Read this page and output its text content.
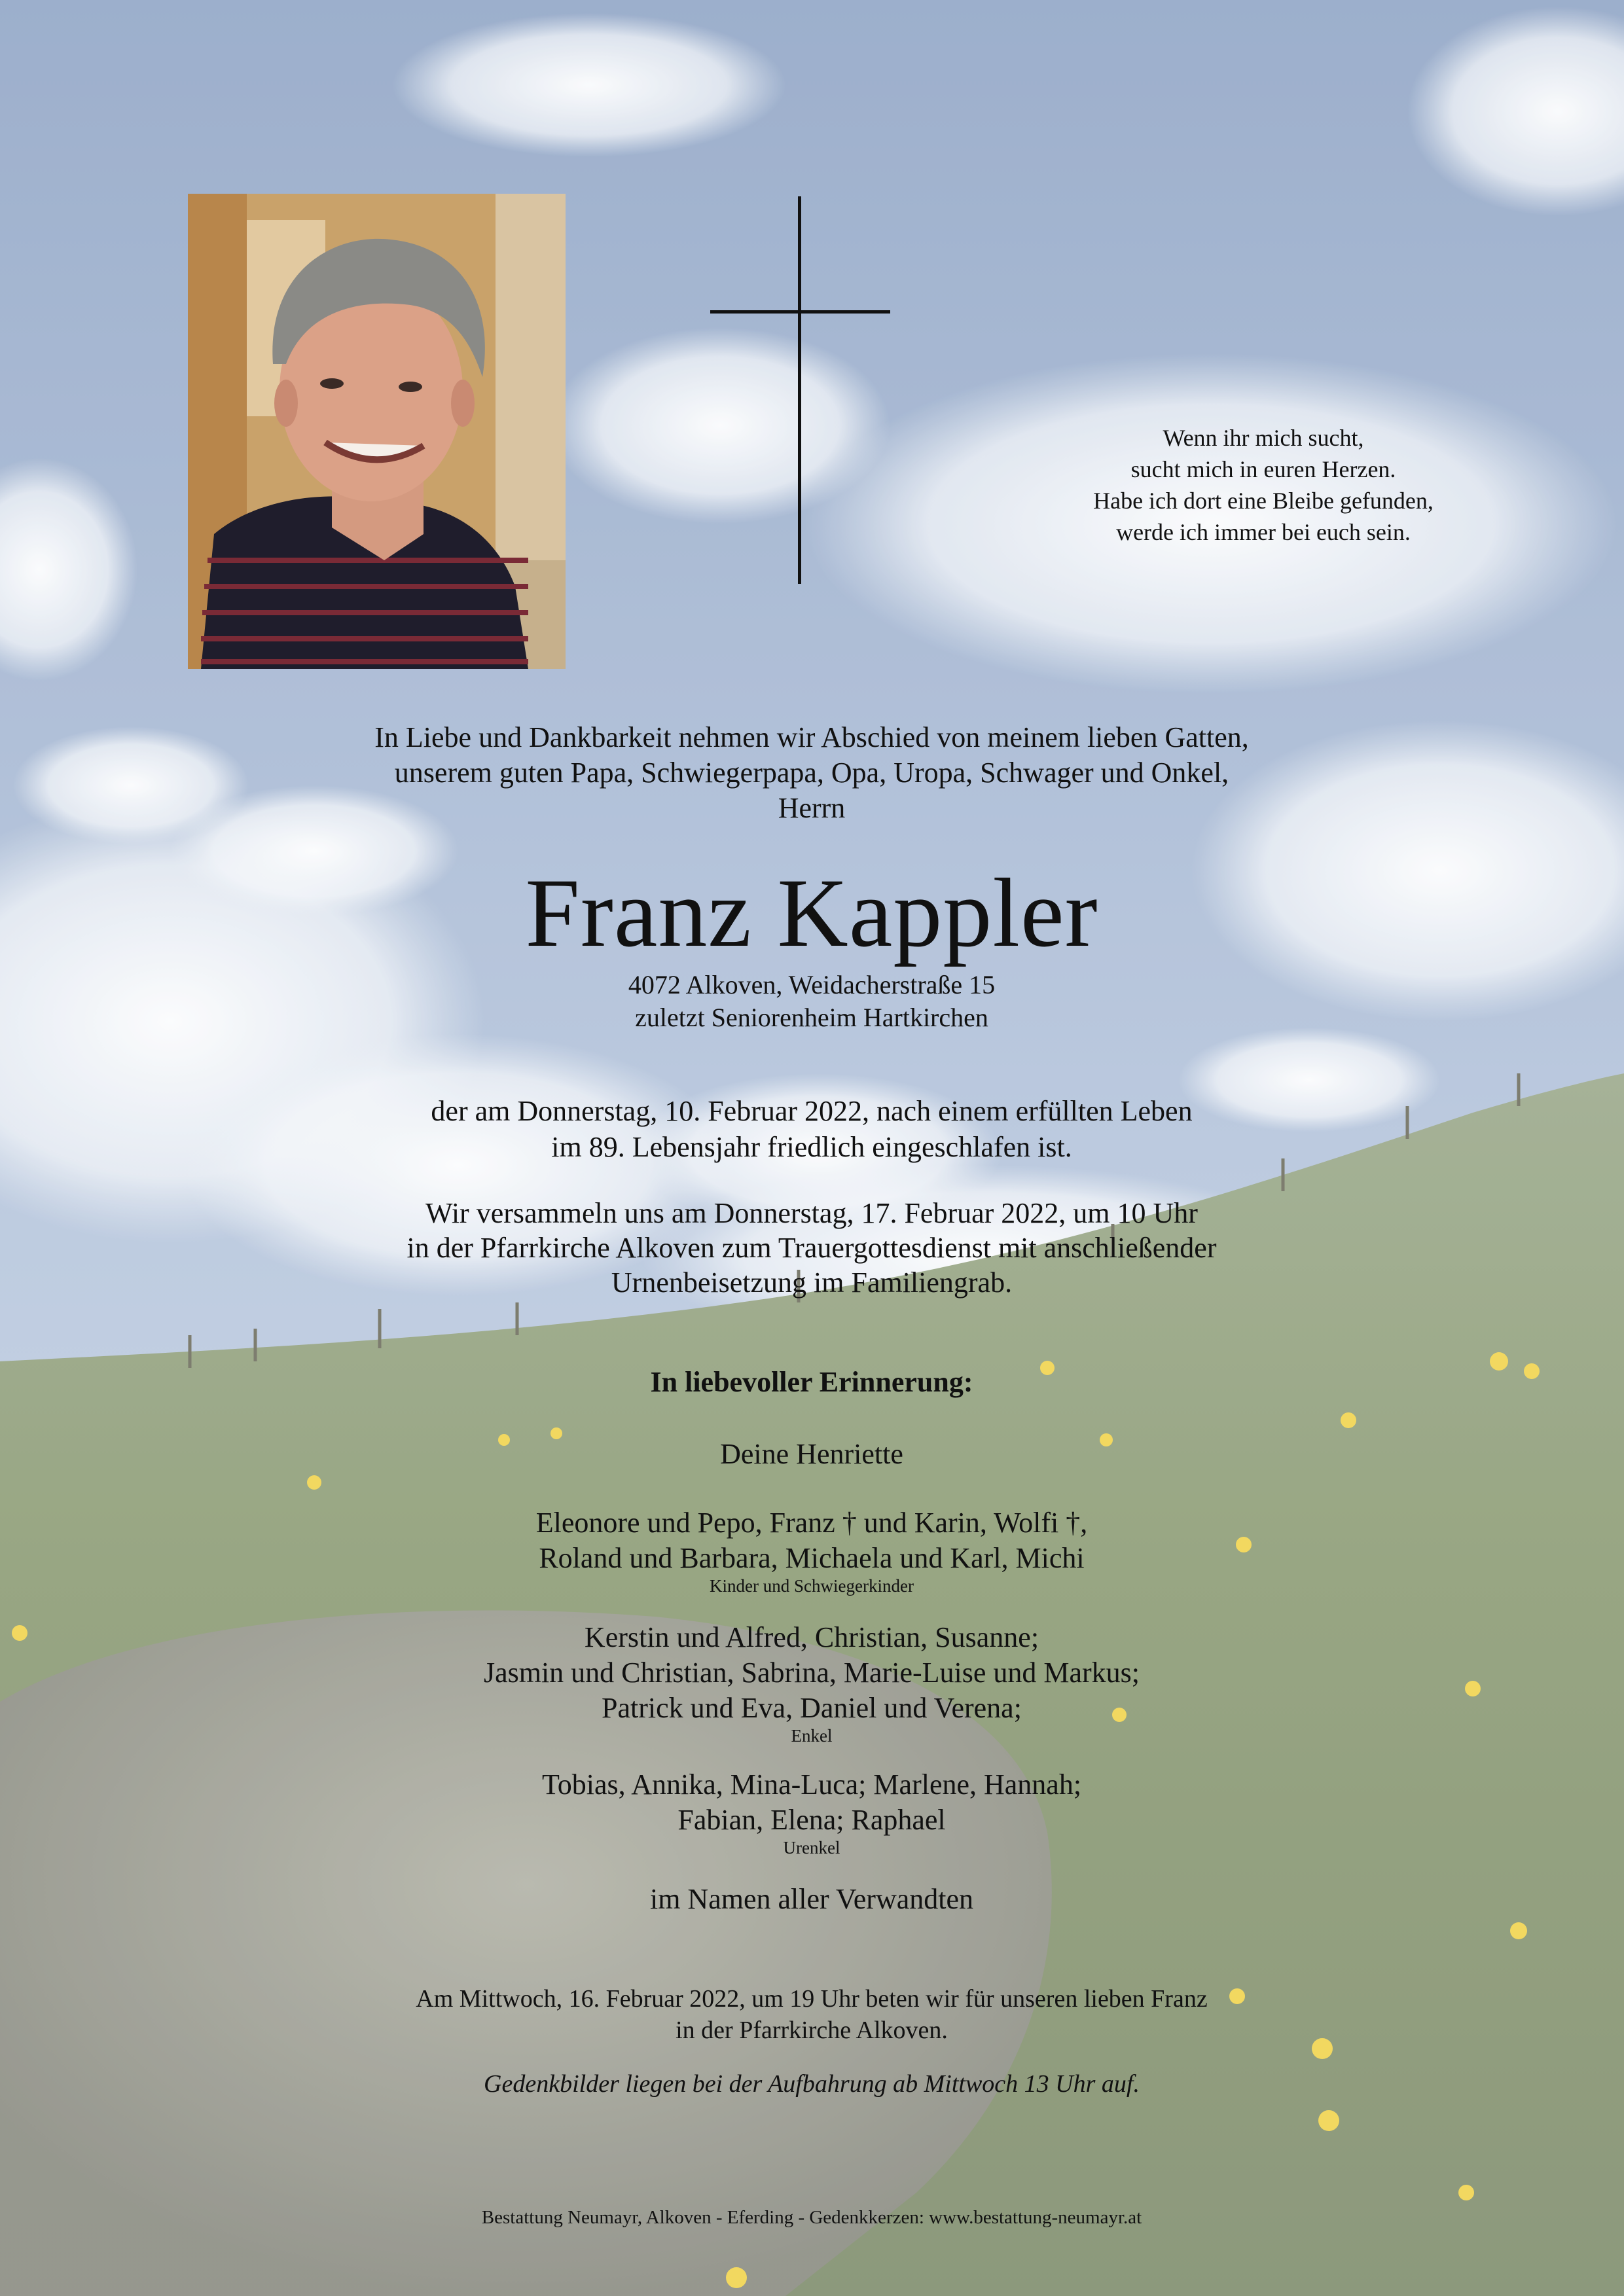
Wenn ihr mich sucht,
sucht mich in euren Herzen.
Habe ich dort eine Bleibe gefunden,
werde ich immer bei euch sein.
In Liebe und Dankbarkeit nehmen wir Abschied von meinem lieben Gatten,
unserem guten Papa, Schwiegerpapa, Opa, Uropa, Schwager und Onkel,
Herrn
Franz Kappler
4072 Alkoven, Weidacherstraße 15
zuletzt Seniorenheim Hartkirchen
der am Donnerstag, 10. Februar 2022, nach einem erfüllten Leben
im 89. Lebensjahr friedlich eingeschlafen ist.
Wir versammeln uns am Donnerstag, 17. Februar 2022, um 10 Uhr
in der Pfarrkirche Alkoven zum Trauergottesdienst mit anschließender
Urnenbeisetzung im Familiengrab.
In liebevoller Erinnerung:
Deine Henriette
Eleonore und Pepo, Franz † und Karin, Wolfi †,
Roland und Barbara, Michaela und Karl, Michi
Kinder und Schwiegerkinder
Kerstin und Alfred, Christian, Susanne;
Jasmin und Christian, Sabrina, Marie-Luise und Markus;
Patrick und Eva, Daniel und Verena;
Enkel
Tobias, Annika, Mina-Luca; Marlene, Hannah;
Fabian, Elena; Raphael
Urenkel
im Namen aller Verwandten
Am Mittwoch, 16. Februar 2022, um 19 Uhr beten wir für unseren lieben Franz
in der Pfarrkirche Alkoven.
Gedenkbilder liegen bei der Aufbahrung ab Mittwoch 13 Uhr auf.
Bestattung Neumayr, Alkoven - Eferding - Gedenkkerzen: www.bestattung-neumayr.at
